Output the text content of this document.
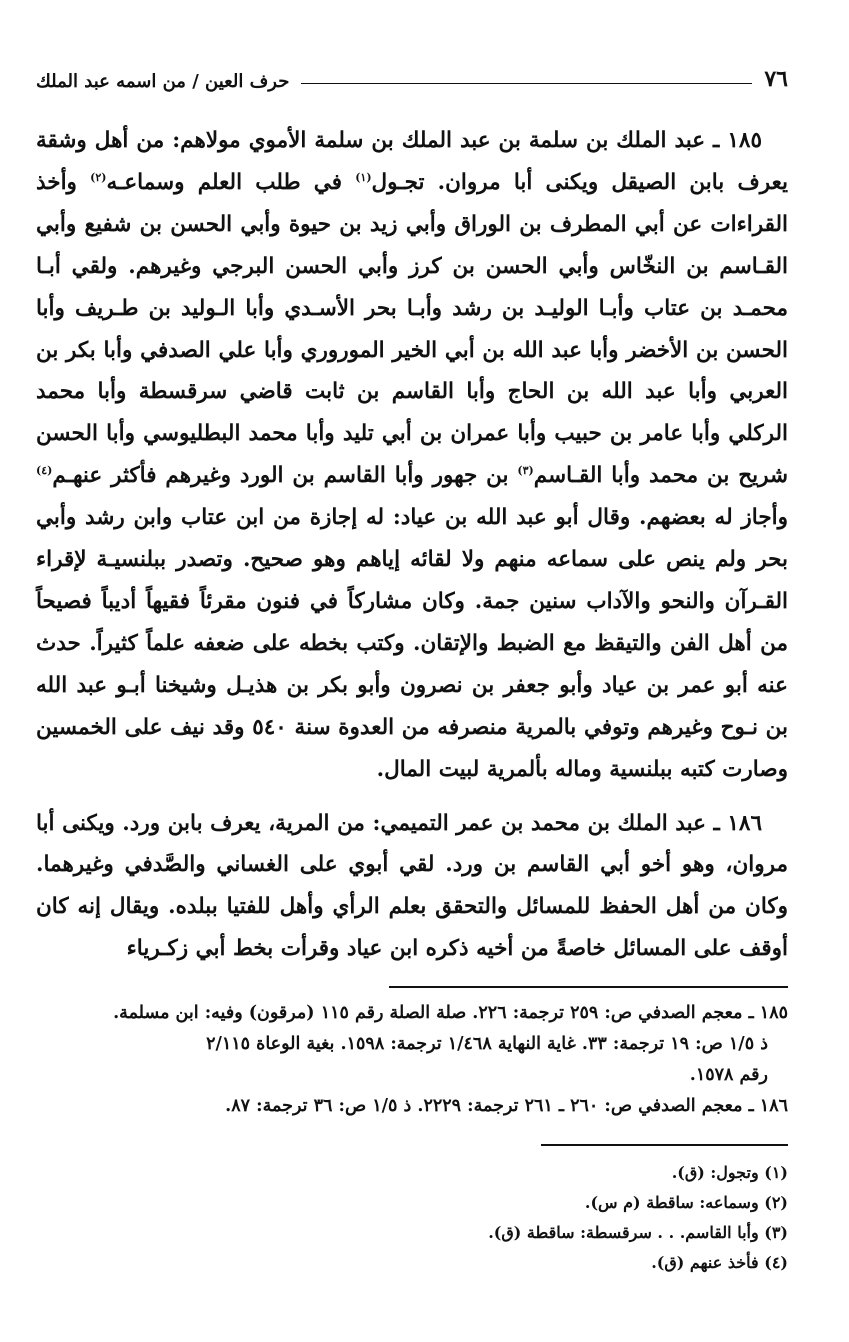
٧٦
حرف العين / من اسمه عبد الملك

١٨٥ ـ عبد الملك بن سلمة بن عبد الملك بن سلمة الأموي مولاهم: من أهل وشقة يعرف بابن الصيقل ويكنى أبا مروان. تجـول$^{(١)}$ في طلب العلم وسماعـه$^{(٢)}$ وأخذ القراءات عن أبي المطرف بن الوراق وأبي زيد بن حيوة وأبي الحسن بن شفيع وأبي القـاسم بن النخّاس وأبي الحسن بن كرز وأبي الحسن البرجي وغيرهم. ولقي أبـا محمـد بن عتاب وأبـا الوليـد بن رشد وأبـا بحر الأسـدي وأبا الـوليد بن طـريف وأبا الحسن بن الأخضر وأبا عبد الله بن أبي الخير الموروري وأبا علي الصدفي وأبا بكر بن العربي وأبا عبد الله بن الحاج وأبا القاسم بن ثابت قاضي سرقسطة وأبا محمد الركلي وأبا عامر بن حبيب وأبا عمران بن أبي تليد وأبا محمد البطليوسي وأبا الحسن شريح بن محمد وأبا القـاسم$^{(٣)}$ بن جهور وأبا القاسم بن الورد وغيرهم فأكثر عنهـم$^{(٤)}$ وأجاز له بعضهم. وقال أبو عبد الله بن عياد: له إجازة من ابن عتاب وابن رشد وأبي بحر ولم ينص على سماعه منهم ولا لقائه إياهم وهو صحيح. وتصدر ببلنسيـة لإقراء القـرآن والنحو والآداب سنين جمة. وكان مشاركاً في فنون مقرئاً فقيهاً أديباً فصيحاً من أهل الفن والتيقظ مع الضبط والإتقان. وكتب بخطه على ضعفه علماً كثيراً. حدث عنه أبو عمر بن عياد وأبو جعفر بن نصرون وأبو بكر بن هذيـل وشيخنا أبـو عبد الله بن نـوح وغيرهم وتوفي بالمرية منصرفه من العدوة سنة ٥٤٠ وقد نيف على الخمسين وصارت كتبه ببلنسية وماله بألمرية لبيت المال.

١٨٦ ـ عبد الملك بن محمد بن عمر التميمي: من المرية، يعرف بابن ورد. ويكنى أبا مروان، وهو أخو أبي القاسم بن ورد. لقي أبوي على الغساني والصَّدفي وغيرهما. وكان من أهل الحفظ للمسائل والتحقق بعلم الرأي وأهل للفتيا ببلده. ويقال إنه كان أوقف على المسائل خاصةً من أخيه ذكره ابن عياد وقرأت بخط أبي زكـرياء

١٨٥ ـ معجم الصدفي ص: ٢٥٩ ترجمة: ٢٢٦. صلة الصلة رقم ١١٥ (مرقون) وفيه: ابن مسلمة.

ذ ١/٥ ص: ١٩ ترجمة: ٣٣. غاية النهاية ١/٤٦٨ ترجمة: ١٥٩٨. بغية الوعاة ٢/١١٥

رقم ١٥٧٨.

١٨٦ ـ معجم الصدفي ص: ٢٦٠ ـ ٢٦١ ترجمة: ٢٢٢٩. ذ ١/٥ ص: ٣٦ ترجمة: ٨٧.

(١) وتجول: (ق).
(٢) وسماعه: ساقطة (م س).
(٣) وأبا القاسم. . . سرقسطة: ساقطة (ق).
(٤) فأخذ عنهم (ق).
